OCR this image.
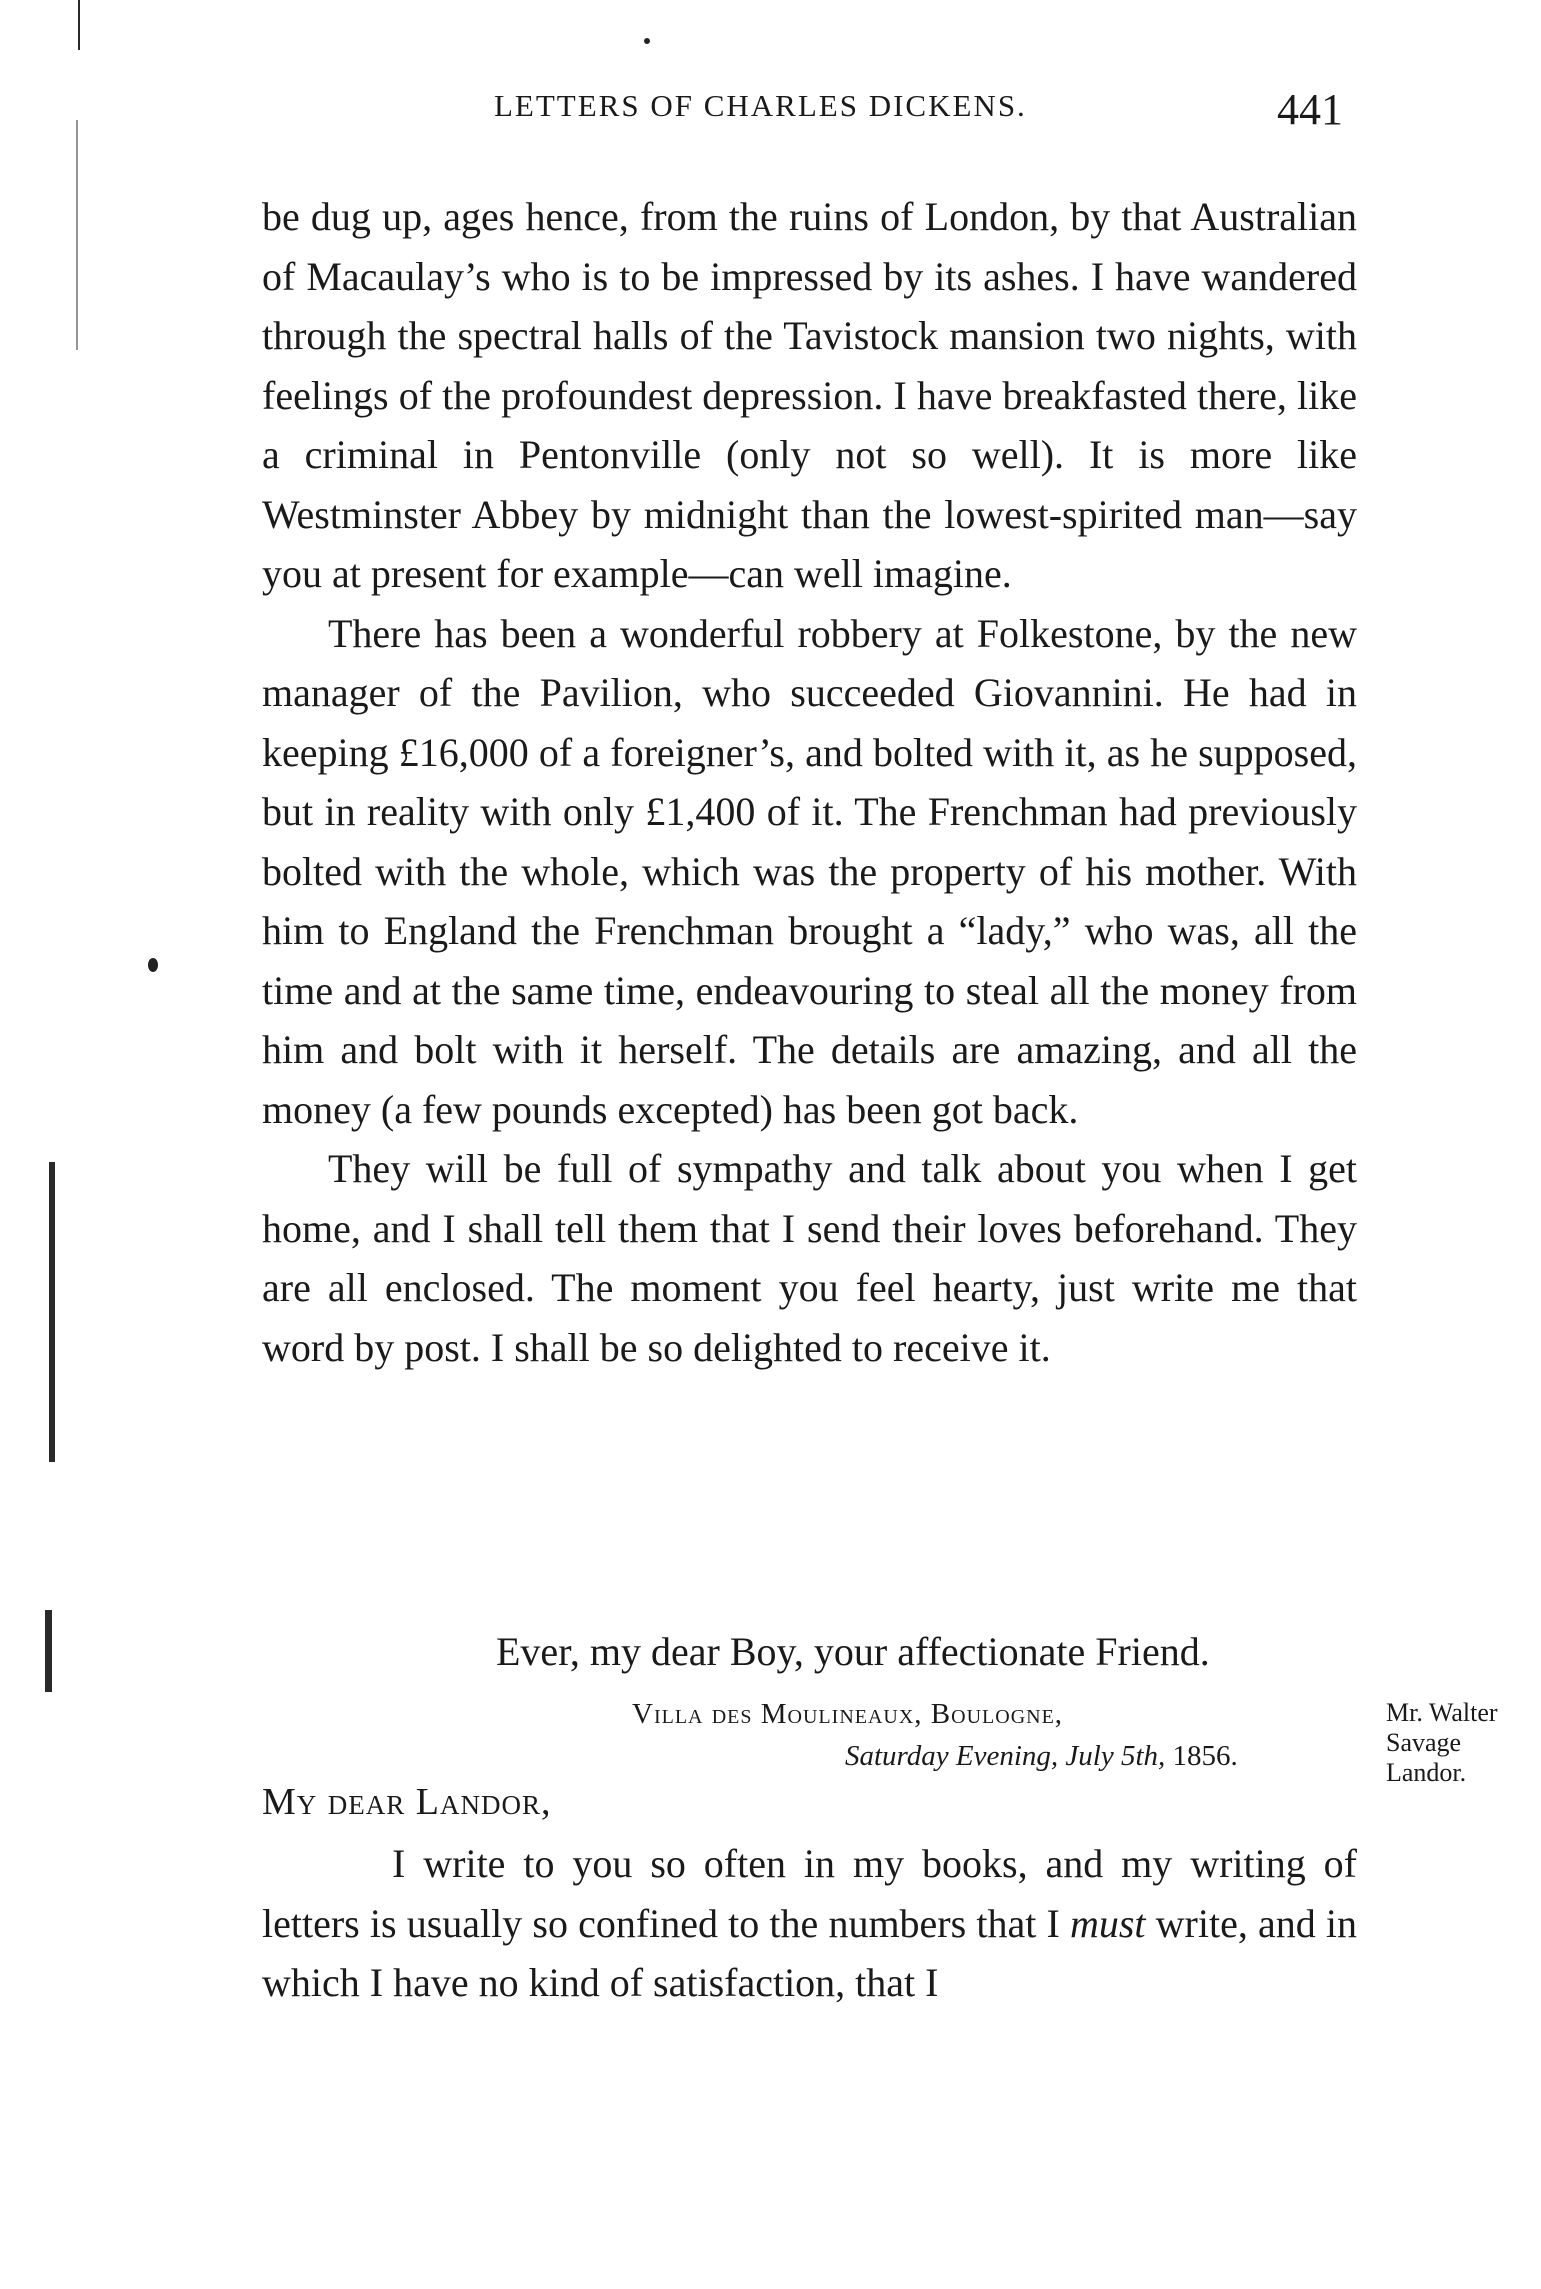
LETTERS OF CHARLES DICKENS.	441

be dug up, ages hence, from the ruins of London, by that Australian of Macaulay’s who is to be impressed by its ashes. I have wandered through the spectral halls of the Tavistock mansion two nights, with feelings of the profoundest depression. I have breakfasted there, like a criminal in Pentonville (only not so well). It is more like Westminster Abbey by midnight than the lowest-spirited man—say you at present for example—can well imagine.

There has been a wonderful robbery at Folkestone, by the new manager of the Pavilion, who succeeded Giovannini. He had in keeping £16,000 of a foreigner’s, and bolted with it, as he supposed, but in reality with only £1,400 of it. The Frenchman had previously bolted with the whole, which was the property of his mother. With him to England the Frenchman brought a “lady,” who was, all the time and at the same time, endeavouring to steal all the money from him and bolt with it herself. The details are amazing, and all the money (a few pounds excepted) has been got back.

They will be full of sympathy and talk about you when I get home, and I shall tell them that I send their loves beforehand. They are all enclosed. The moment you feel hearty, just write me that word by post. I shall be so delighted to receive it.

Ever, my dear Boy, your affectionate Friend.
Villa des Moulineaux, Boulogne,
Saturday Evening, July 5th, 1856.
Mr. Walter
Savage
Landor.
My dear Landor,

I write to you so often in my books, and my writing of letters is usually so confined to the numbers that I must write, and in which I have no kind of satisfaction, that I
